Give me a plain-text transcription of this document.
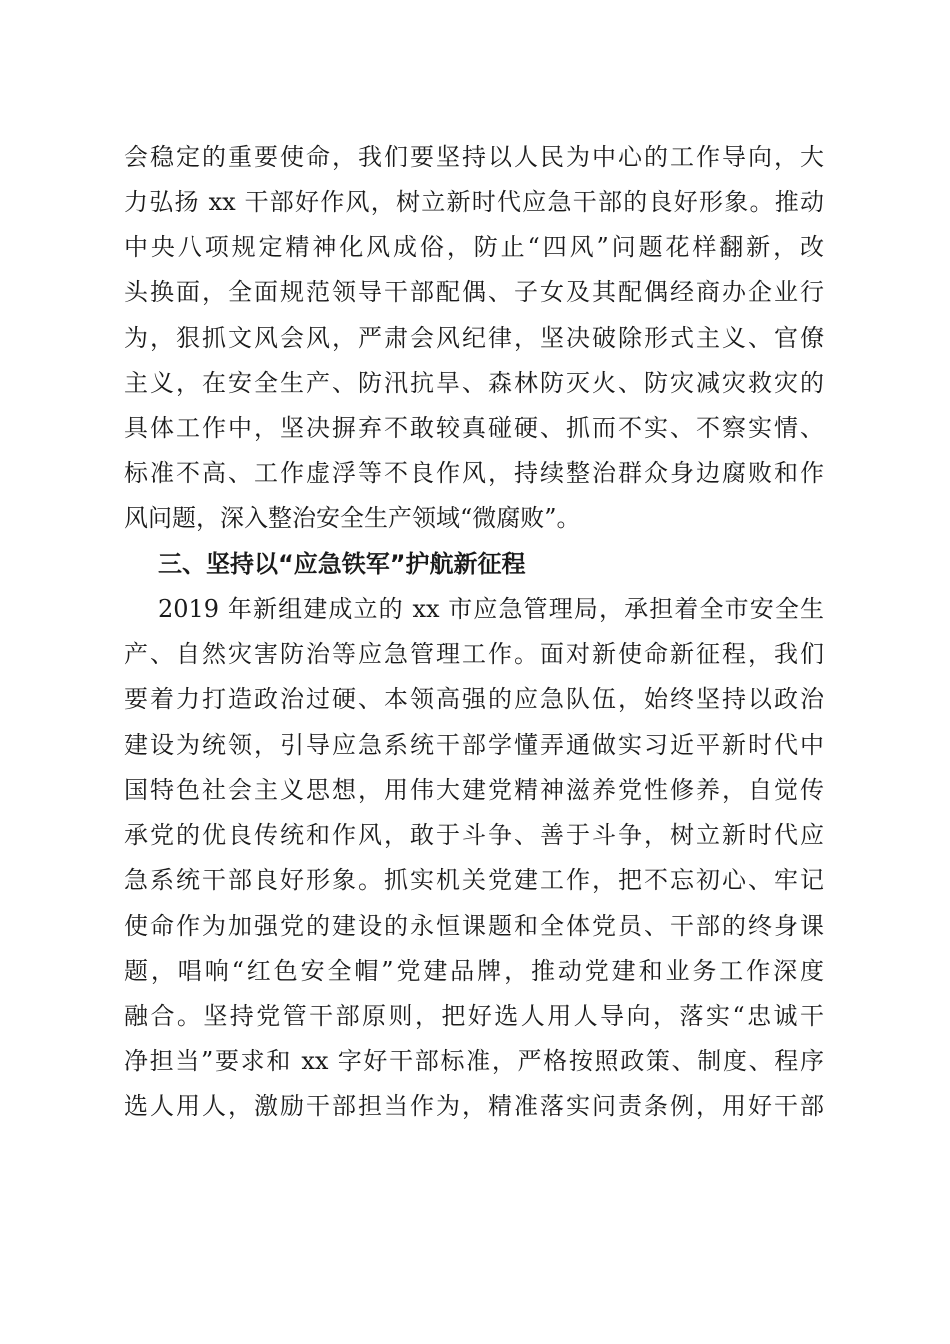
会稳定的重要使命，我们要坚持以人民为中心的工作导向，大
力弘扬 xx 干部好作风，树立新时代应急干部的良好形象。推动
中央八项规定精神化风成俗，防止“四风”问题花样翻新，改
头换面，全面规范领导干部配偶、子女及其配偶经商办企业行
为，狠抓文风会风，严肃会风纪律，坚决破除形式主义、官僚
主义，在安全生产、防汛抗旱、森林防灭火、防灾减灾救灾的
具体工作中，坚决摒弃不敢较真碰硬、抓而不实、不察实情、
标准不高、工作虚浮等不良作风，持续整治群众身边腐败和作
风问题，深入整治安全生产领域“微腐败”。
三、坚持以“应急铁军”护航新征程
2019 年新组建成立的 xx 市应急管理局，承担着全市安全生
产、自然灾害防治等应急管理工作。面对新使命新征程，我们
要着力打造政治过硬、本领高强的应急队伍，始终坚持以政治
建设为统领，引导应急系统干部学懂弄通做实习近平新时代中
国特色社会主义思想，用伟大建党精神滋养党性修养，自觉传
承党的优良传统和作风，敢于斗争、善于斗争，树立新时代应
急系统干部良好形象。抓实机关党建工作，把不忘初心、牢记
使命作为加强党的建设的永恒课题和全体党员、干部的终身课
题，唱响“红色安全帽”党建品牌，推动党建和业务工作深度
融合。坚持党管干部原则，把好选人用人导向，落实“忠诚干
净担当”要求和 xx 字好干部标准，严格按照政策、制度、程序
选人用人，激励干部担当作为，精准落实问责条例，用好干部
